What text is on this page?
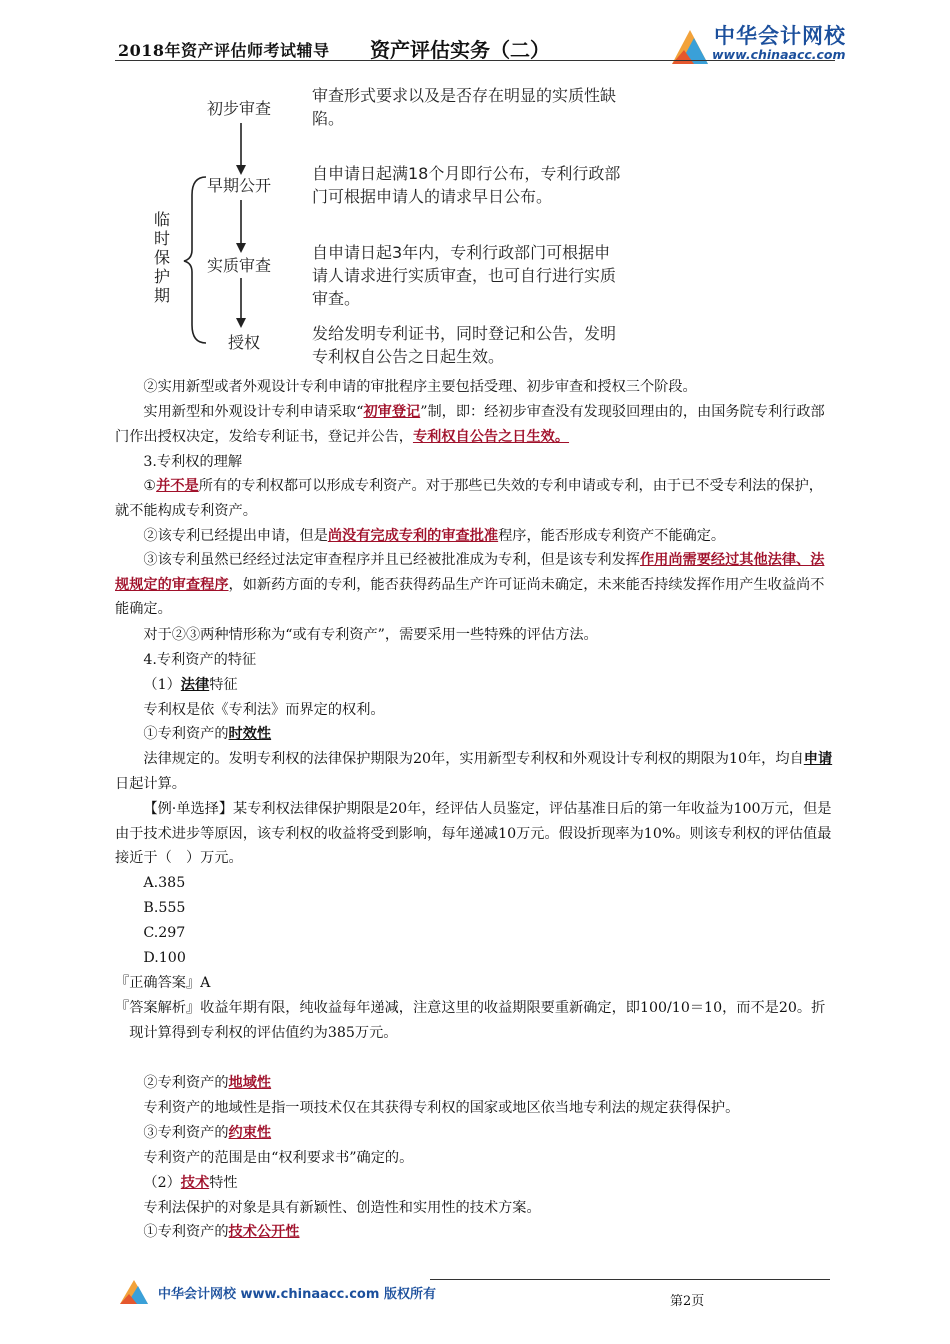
2018年资产评估师考试辅导 资产评估实务（二）
中华会计网校
www.chinaacc.com
初步审查
早期公开
实质审查
授权
临
时
保
护
期
审查形式要求以及是否存在明显的实质性缺陷。
自申请日起满18个月即行公布，专利行政部门可根据申请人的请求早日公布。
自申请日起3年内，专利行政部门可根据申请人请求进行实质审查，也可自行进行实质审查。
发给发明专利证书，同时登记和公告，发明专利权自公告之日起生效。
②实用新型或者外观设计专利申请的审批程序主要包括受理、初步审查和授权三个阶段。
实用新型和外观设计专利申请采取“初审登记”制，即：经初步审查没有发现驳回理由的，由国务院专利行政部门作出授权决定，发给专利证书，登记并公告，专利权自公告之日生效。
3.专利权的理解
①并不是所有的专利权都可以形成专利资产。对于那些已失效的专利申请或专利，由于已不受专利法的保护，就不能构成专利资产。
②该专利已经提出申请，但是尚没有完成专利的审查批准程序，能否形成专利资产不能确定。
③该专利虽然已经经过法定审查程序并且已经被批准成为专利，但是该专利发挥作用尚需要经过其他法律、法规规定的审查程序，如新药方面的专利，能否获得药品生产许可证尚未确定，未来能否持续发挥作用产生收益尚不能确定。
对于②③两种情形称为“或有专利资产”，需要采用一些特殊的评估方法。
4.专利资产的特征
（1）法律特征
专利权是依《专利法》而界定的权利。
①专利资产的时效性
法律规定的。发明专利权的法律保护期限为20年，实用新型专利权和外观设计专利权的期限为10年，均自申请日起计算。
【例·单选择】某专利权法律保护期限是20年，经评估人员鉴定，评估基准日后的第一年收益为100万元，但是由于技术进步等原因，该专利权的收益将受到影响，每年递减10万元。假设折现率为10%。则该专利权的评估值最接近于（　）万元。
A.385
B.555
C.297
D.100
『正确答案』A
『答案解析』收益年期有限，纯收益每年递减，注意这里的收益期限要重新确定，即100/10＝10，而不是20。折现计算得到专利权的评估值约为385万元。
②专利资产的地域性
专利资产的地域性是指一项技术仅在其获得专利权的国家或地区依当地专利法的规定获得保护。
③专利资产的约束性
专利资产的范围是由“权利要求书”确定的。
（2）技术特性
专利法保护的对象是具有新颖性、创造性和实用性的技术方案。
①专利资产的技术公开性
中华会计网校 www.chinaacc.com 版权所有	第2页
